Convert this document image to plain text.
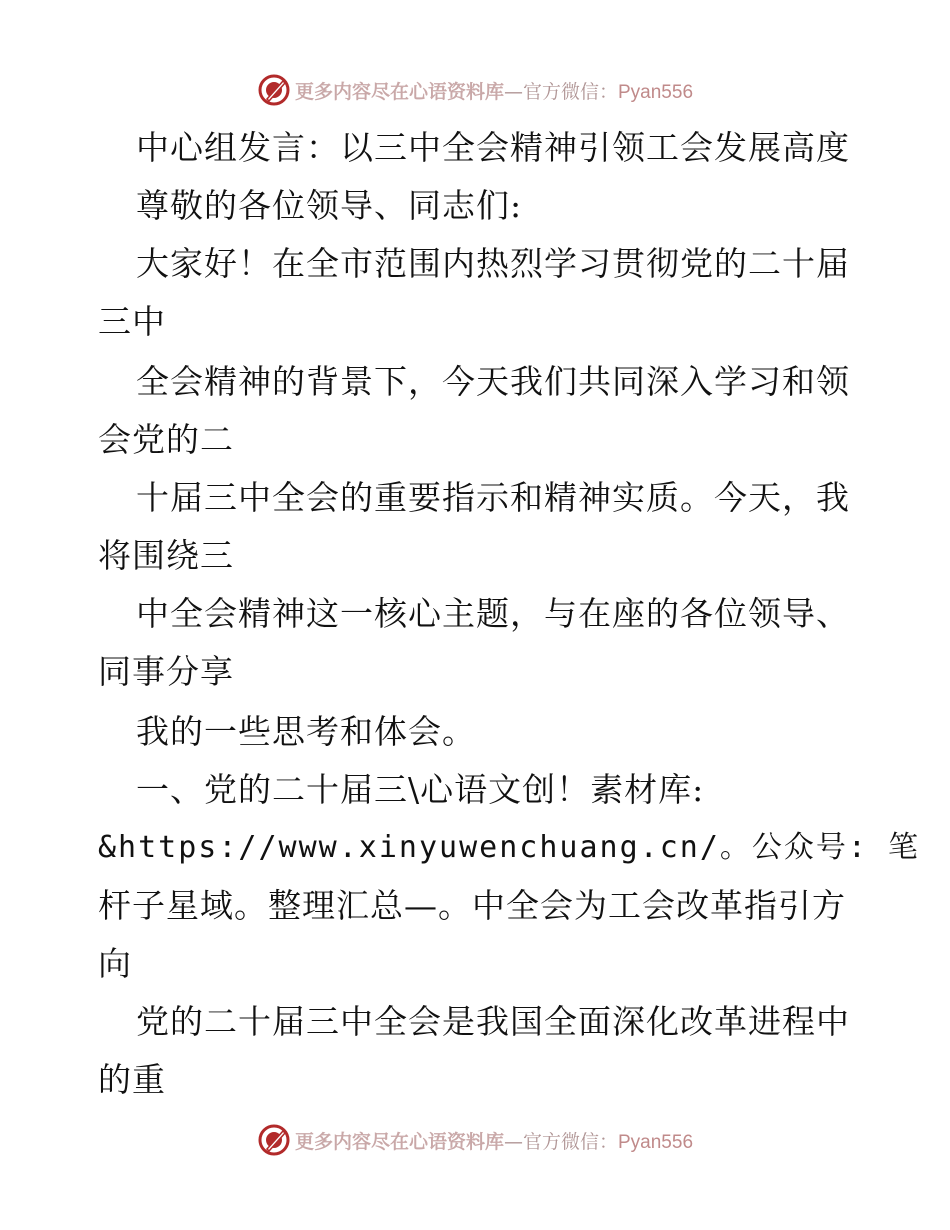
更多内容尽在心语资料库—官方微信：Pyan556
中心组发言：以三中全会精神引领工会发展高度
尊敬的各位领导、同志们:
大家好！在全市范围内热烈学习贯彻党的二十届
三中
全会精神的背景下，今天我们共同深入学习和领
会党的二
十届三中全会的重要指示和精神实质。今天，我
将围绕三
中全会精神这一核心主题，与在座的各位领导、
同事分享
我的一些思考和体会。
一、党的二十届三\心语文创！素材库:
&https://www.xinyuwenchuang.cn/。公众号: 笔
杆子星域。整理汇总—。中全会为工会改革指引方
向
党的二十届三中全会是我国全面深化改革进程中
的重
更多内容尽在心语资料库—官方微信：Pyan556
